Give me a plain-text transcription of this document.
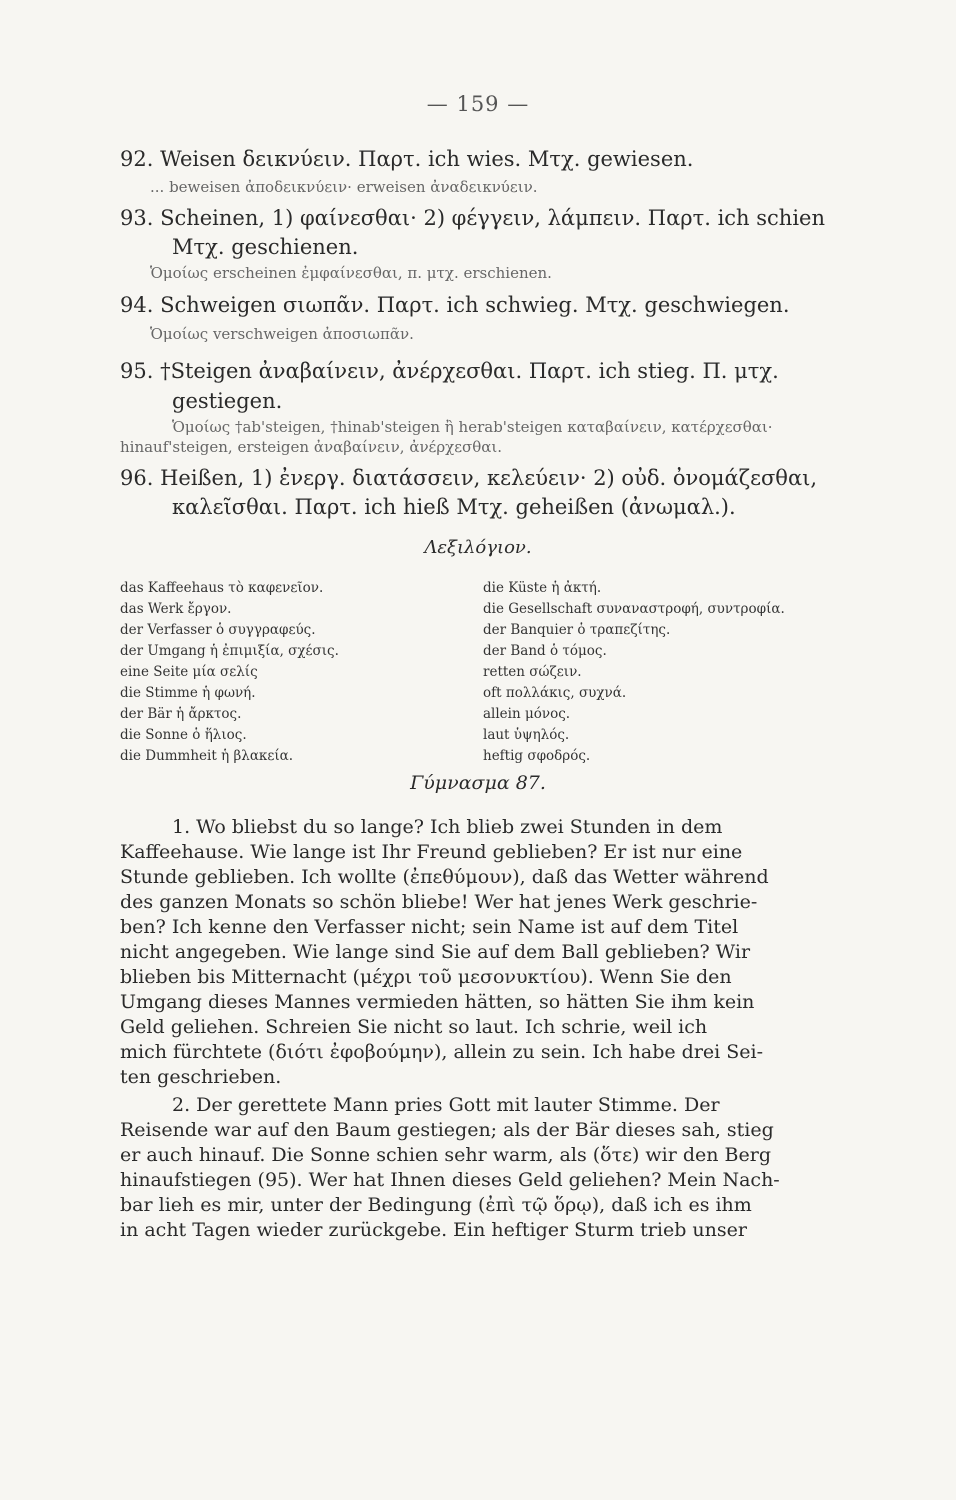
— 159 —
92. Weisen δεικνύειν. Παρτ. ich wies. Μτχ. gewiesen.
... beweisen ἀποδεικνύειν· erweisen ἀναδεικνύειν.
93. Scheinen, 1) φαίνεσθαι· 2) φέγγειν, λάμπειν. Παρτ. ich schien
Μτχ. geschienen.
Ὁμοίως erscheinen ἐμφαίνεσθαι, π. μτχ. erschienen.
94. Schweigen σιωπᾶν. Παρτ. ich schwieg. Μτχ. geschwiegen.
Ὁμοίως verschweigen ἀποσιωπᾶν.
95. †Steigen ἀναβαίνειν, ἀνέρχεσθαι. Παρτ. ich stieg. Π. μτχ.
gestiegen.
Ὁμοίως †ab'steigen, †hinab'steigen ἢ herab'steigen καταβαίνειν, κατέρχεσθαι·
hinauf'steigen, ersteigen ἀναβαίνειν, ἀνέρχεσθαι.
96. Heißen, 1) ἐνεργ. διατάσσειν, κελεύειν· 2) οὐδ. ὀνομάζεσθαι,
καλεῖσθαι. Παρτ. ich hieß Μτχ. geheißen (ἀνωμαλ.).
Λεξιλόγιον.
das Kaffeehaus τὸ καφενεῖον.
das Werk ἔργον.
der Verfasser ὁ συγγραφεύς.
der Umgang ἡ ἐπιμιξία, σχέσις.
eine Seite μία σελίς
die Stimme ἡ φωνή.
der Bär ἡ ἄρκτος.
die Sonne ὁ ἥλιος.
die Dummheit ἡ βλακεία.
die Küste ἡ ἀκτή.
die Gesellschaft συναναστροφή, συντροφία.
der Banquier ὁ τραπεζίτης.
der Band ὁ τόμος.
retten σώζειν.
oft πολλάκις, συχνά.
allein μόνος.
laut ὑψηλός.
heftig σφοδρός.
Γύμνασμα 87.
1. Wo bliebst du so lange? Ich blieb zwei Stunden in dem
Kaffeehause. Wie lange ist Ihr Freund geblieben? Er ist nur eine
Stunde geblieben. Ich wollte (ἐπεθύμουν), daß das Wetter während
des ganzen Monats so schön bliebe! Wer hat jenes Werk geschrie-
ben? Ich kenne den Verfasser nicht; sein Name ist auf dem Titel
nicht angegeben. Wie lange sind Sie auf dem Ball geblieben? Wir
blieben bis Mitternacht (μέχρι τοῦ μεσονυκτίου). Wenn Sie den
Umgang dieses Mannes vermieden hätten, so hätten Sie ihm kein
Geld geliehen. Schreien Sie nicht so laut. Ich schrie, weil ich
mich fürchtete (διότι ἐφοβούμην), allein zu sein. Ich habe drei Sei-
ten geschrieben.
2. Der gerettete Mann pries Gott mit lauter Stimme. Der
Reisende war auf den Baum gestiegen; als der Bär dieses sah, stieg
er auch hinauf. Die Sonne schien sehr warm, als (ὅτε) wir den Berg
hinaufstiegen (95). Wer hat Ihnen dieses Geld geliehen? Mein Nach-
bar lieh es mir, unter der Bedingung (ἐπὶ τῷ ὅρῳ), daß ich es ihm
in acht Tagen wieder zurückgebe. Ein heftiger Sturm trieb unser
